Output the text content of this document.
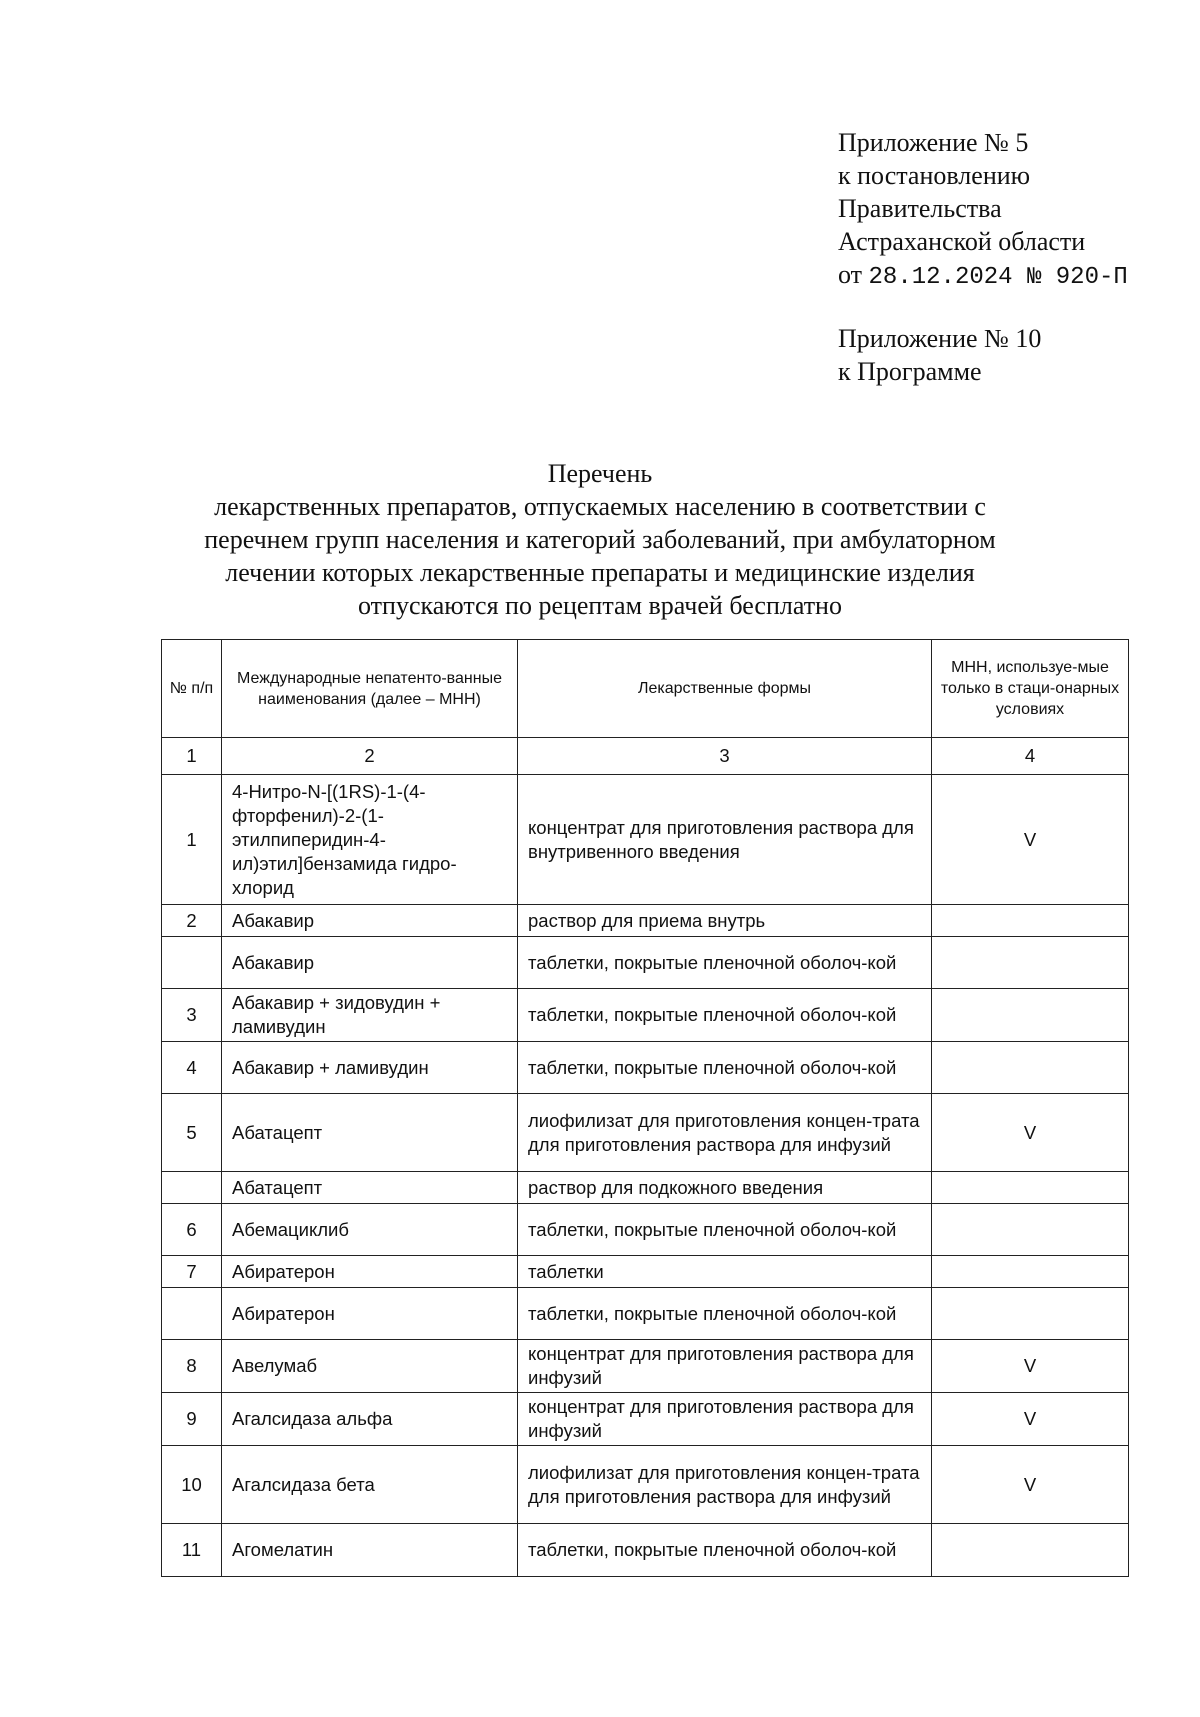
Приложение № 5
к постановлению
Правительства
Астраханской области
от 28.12.2024 № 920-П
Приложение № 10
к Программе
Перечень
лекарственных препаратов, отпускаемых населению в соответствии с
перечнем групп населения и категорий заболеваний, при амбулаторном
лечении которых лекарственные препараты и медицинские изделия
отпускаются по рецептам врачей бесплатно
№ п/п	Международные непатенто-ванные наименования (далее – МНН)	Лекарственные формы	МНН, используе-мые только в стаци-онарных условиях
1	2	3	4
1	4-Нитро-N-[(1RS)-1-(4-фторфенил)-2-(1-этилпиперидин-4-ил)этил]бензамида гидро-хлорид	концентрат для приготовления раствора для внутривенного введения	V
2	Абакавир	раствор для приема внутрь	
	Абакавир	таблетки, покрытые пленочной оболоч-кой	
3	Абакавир + зидовудин + ламивудин	таблетки, покрытые пленочной оболоч-кой	
4	Абакавир + ламивудин	таблетки, покрытые пленочной оболоч-кой	
5	Абатацепт	лиофилизат для приготовления концен-трата для приготовления раствора для инфузий	V
	Абатацепт	раствор для подкожного введения	
6	Абемациклиб	таблетки, покрытые пленочной оболоч-кой	
7	Абиратерон	таблетки	
	Абиратерон	таблетки, покрытые пленочной оболоч-кой	
8	Авелумаб	концентрат для приготовления раствора для инфузий	V
9	Агалсидаза альфа	концентрат для приготовления раствора для инфузий	V
10	Агалсидаза бета	лиофилизат для приготовления концен-трата для приготовления раствора для инфузий	V
11	Агомелатин	таблетки, покрытые пленочной оболоч-кой	
